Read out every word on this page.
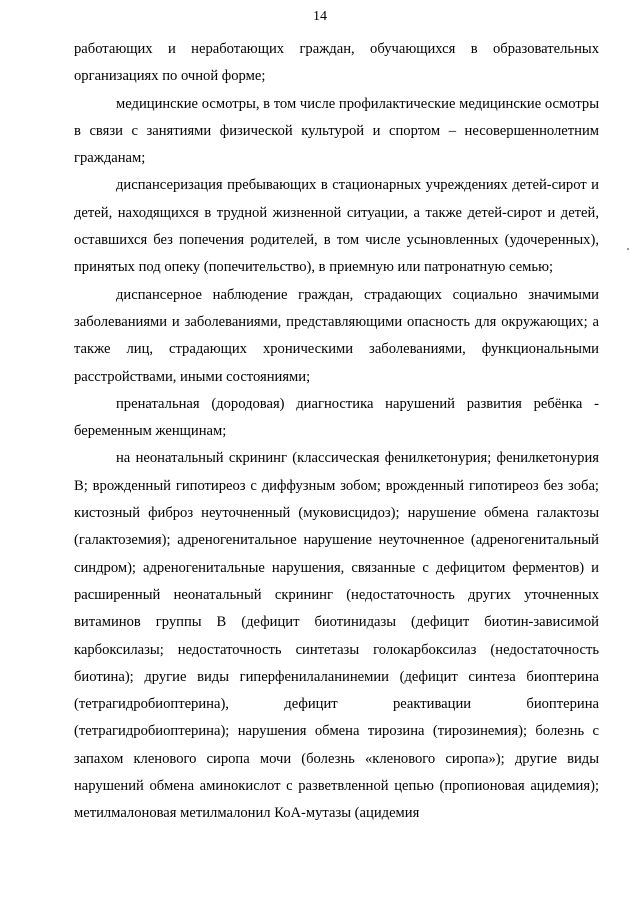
14

работающих и неработающих граждан, обучающихся в образовательных организациях по очной форме;

медицинские осмотры, в том числе профилактические медицинские осмотры в связи с занятиями физической культурой и спортом – несовершеннолетним гражданам;

диспансеризация пребывающих в стационарных учреждениях детей-сирот и детей, находящихся в трудной жизненной ситуации, а также детей-сирот и детей, оставшихся без попечения родителей, в том числе усыновленных (удочеренных), принятых под опеку (попечительство), в приемную или патронатную семью;

диспансерное наблюдение граждан, страдающих социально значимыми заболеваниями и заболеваниями, представляющими опасность для окружающих; а также лиц, страдающих хроническими заболеваниями, функциональными расстройствами, иными состояниями;

пренатальная (дородовая) диагностика нарушений развития ребёнка - беременным женщинам;

на неонатальный скрининг (классическая фенилкетонурия; фенилкетонурия В; врожденный гипотиреоз с диффузным зобом; врожденный гипотиреоз без зоба; кистозный фиброз неуточненный (муковисцидоз); нарушение обмена галактозы (галактоземия); адреногенитальное нарушение неуточненное (адреногенитальный синдром); адреногенитальные нарушения, связанные с дефицитом ферментов) и расширенный неонатальный скрининг (недостаточность других уточненных витаминов группы В (дефицит биотинидазы (дефицит биотин-зависимой карбоксилазы; недостаточность синтетазы голокарбоксилаз (недостаточность биотина); другие виды гиперфенилаланинемии (дефицит синтеза биоптерина (тетрагидробиоптерина), дефицит реактивации биоптерина (тетрагидробиоптерина); нарушения обмена тирозина (тирозинемия); болезнь с запахом кленового сиропа мочи (болезнь «кленового сиропа»); другие виды нарушений обмена аминокислот с разветвленной цепью (пропионовая ацидемия); метилмалоновая метилмалонил КоА-мутазы (ацидемия
